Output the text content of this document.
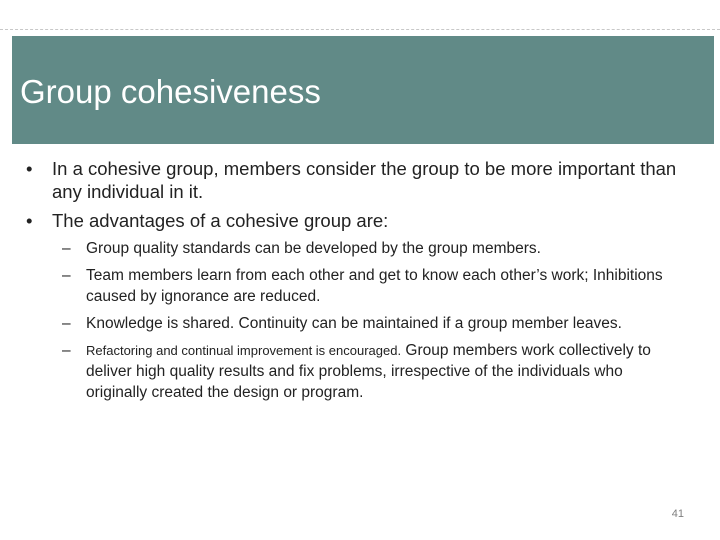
Group cohesiveness
• In a cohesive group, members consider the group to be more important than any individual in it.
• The advantages of a cohesive group are:
– Group quality standards can be developed by the group members.
– Team members learn from each other and get to know each other’s work; Inhibitions caused by ignorance are reduced.
– Knowledge is shared. Continuity can be maintained if a group member leaves.
– Refactoring and continual improvement is encouraged. Group members work collectively to deliver high quality results and fix problems, irrespective of the individuals who originally created the design or program.
41
